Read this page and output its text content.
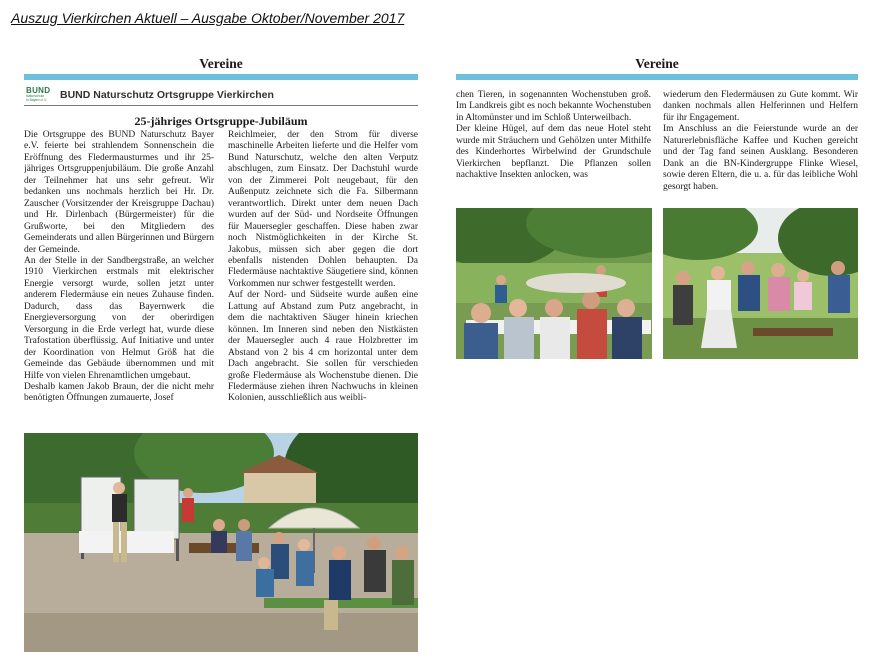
Auszug Vierkirchen Aktuell – Ausgabe Oktober/November 2017
Vereine
BUND
Naturschutz
in Bayern e.V. BUND Naturschutz Ortsgruppe Vierkirchen
25-jähriges Ortsgruppe-Jubiläum

Die Ortsgruppe des BUND Naturschutz Bayer e.V. feierte bei strahlendem Sonnenschein die Eröffnung des Fledermausturmes und ihr 25-jähriges Ortsgruppenjubiläum. Die große Anzahl der Teilnehmer hat uns sehr gefreut. Wir bedanken uns nochmals herzlich bei Hr. Dr. Zauscher (Vorsitzender der Kreisgruppe Dachau) und Hr. Dirlenbach (Bürgermeister) für die Grußworte, bei den Mitgliedern des Gemeinderats und allen Bürgerinnen und Bürgern der Gemeinde.

An der Stelle in der Sandbergstraße, an welcher 1910 Vierkirchen erstmals mit elektrischer Energie versorgt wurde, sollen jetzt unter anderem Fledermäuse ein neues Zuhause finden. Dadurch, dass das Bayernwerk die Energieversorgung von der oberirdigen Versorgung in die Erde verlegt hat, wurde diese Trafostation überflüssig. Auf Initiative und unter der Koordination von Helmut Größ hat die Gemeinde das Gebäude übernommen und mit Hilfe von vielen Ehrenamtlichen umgebaut.

Deshalb kamen Jakob Braun, der die nicht mehr benötigten Öffnungen zumauerte, Josef

Reichlmeier, der den Strom für diverse maschinelle Arbeiten lieferte und die Helfer vom Bund Naturschutz, welche den alten Verputz abschlugen, zum Einsatz. Der Dachstuhl wurde von der Zimmerei Polt neugebaut, für den Außenputz zeichnete sich die Fa. Silbermann verantwortlich. Direkt unter dem neuen Dach wurden auf der Süd- und Nordseite Öffnungen für Mauersegler geschaffen. Diese haben zwar noch Nistmöglichkeiten in der Kirche St. Jakobus, müssen sich aber gegen die dort ebenfalls nistenden Dohlen behaupten. Da Fledermäuse nachtaktive Säugetiere sind, können Vorkommen nur schwer festgestellt werden.

Auf der Nord- und Südseite wurde außen eine Lattung auf Abstand zum Putz angebracht, in dem die nachtaktiven Säuger hinein kriechen können. Im Inneren sind neben den Nistkästen der Mauersegler auch 4 raue Holzbretter im Abstand von 2 bis 4 cm horizontal unter dem Dach angebracht. Sie sollen für verschieden große Fledermäuse als Wochenstube dienen. Die Fledermäuse ziehen ihren Nachwuchs in kleinen Kolonien, ausschließlich aus weibli-

Vereine

chen Tieren, in sogenannten Wochenstuben groß. Im Landkreis gibt es noch bekannte Wochenstuben in Altomünster und im Schloß Unterweilbach.

Der kleine Hügel, auf dem das neue Hotel steht wurde mit Sträuchern und Gehölzen unter Mithilfe des Kinderhortes Wirbelwind der Grundschule Vierkirchen bepflanzt. Die Pflanzen sollen nachaktive Insekten anlocken, was

wiederum den Fledermäusen zu Gute kommt. Wir danken nochmals allen Helferinnen und Helfern für ihr Engagement.

Im Anschluss an die Feierstunde wurde an der Naturerlebnisfläche Kaffee und Kuchen gereicht und der Tag fand seinen Ausklang. Besonderen Dank an die BN-Kindergruppe Flinke Wiesel, sowie deren Eltern, die u. a. für das leibliche Wohl gesorgt haben.
